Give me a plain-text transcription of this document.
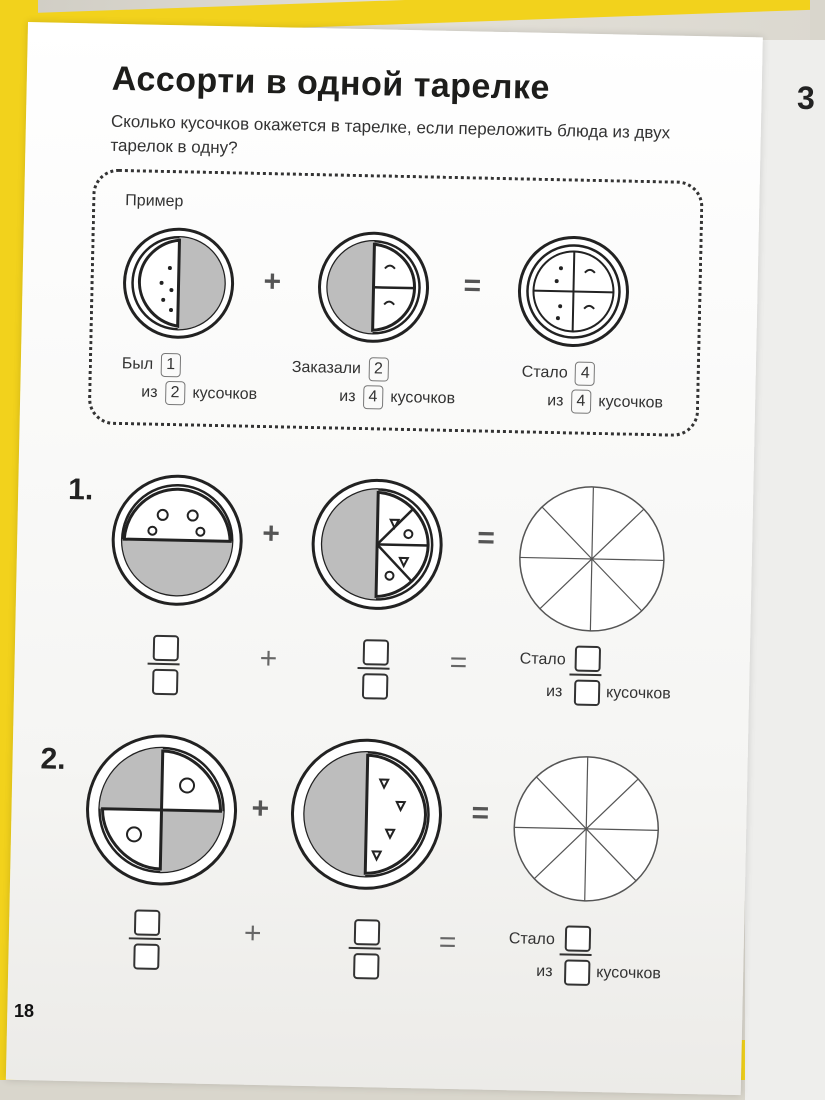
3
Ассорти в одной тарелке
Сколько кусочков окажется в тарелке, если переложить блюда из двух тарелок в одну?
Пример
+	=
Был 1
из 2 кусочков
Заказали 2
из 4 кусочков
Стало 4
из 4 кусочков
1.
+	=
+	=	Стало
из	кусочков
2.
+	=
+	=	Стало
из	кусочков
18
